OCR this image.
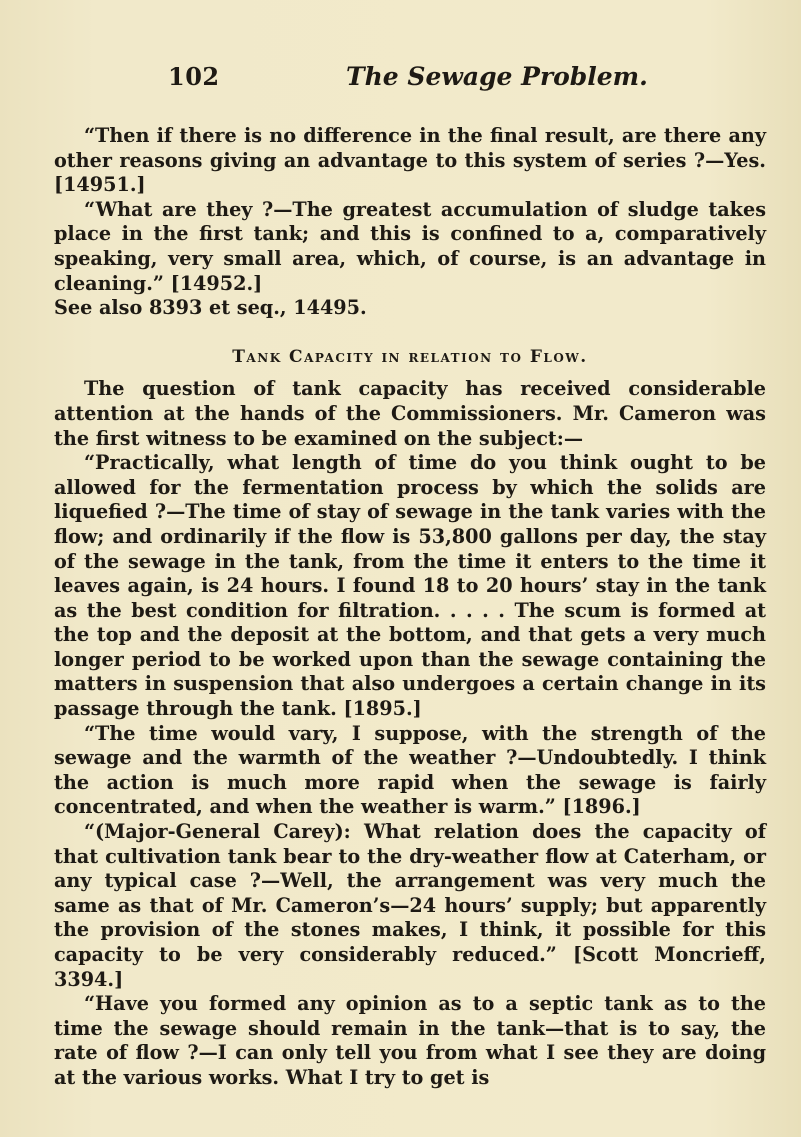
102	The Sewage Problem.

“Then if there is no difference in the final result, are there any other reasons giving an advantage to this system of series ?—Yes. [14951.]

“What are they ?—The greatest accumulation of sludge takes place in the first tank; and this is confined to a, comparatively speaking, very small area, which, of course, is an advantage in cleaning.” [14952.]

See also 8393 et seq., 14495.

Tank Capacity in relation to Flow.

The question of tank capacity has received considerable attention at the hands of the Commissioners. Mr. Cameron was the first witness to be examined on the subject:—

“Practically, what length of time do you think ought to be allowed for the fermentation process by which the solids are liquefied ?—The time of stay of sewage in the tank varies with the flow; and ordinarily if the flow is 53,800 gallons per day, the stay of the sewage in the tank, from the time it enters to the time it leaves again, is 24 hours. I found 18 to 20 hours’ stay in the tank as the best condition for filtration. . . . . The scum is formed at the top and the deposit at the bottom, and that gets a very much longer period to be worked upon than the sewage containing the matters in suspension that also undergoes a certain change in its passage through the tank. [1895.]

“The time would vary, I suppose, with the strength of the sewage and the warmth of the weather ?—Undoubtedly. I think the action is much more rapid when the sewage is fairly concentrated, and when the weather is warm.” [1896.]

“(Major-General Carey): What relation does the capacity of that cultivation tank bear to the dry-weather flow at Caterham, or any typical case ?—Well, the arrangement was very much the same as that of Mr. Cameron’s—24 hours’ supply; but apparently the provision of the stones makes, I think, it possible for this capacity to be very considerably reduced.” [Scott Moncrieff, 3394.]

“Have you formed any opinion as to a septic tank as to the time the sewage should remain in the tank—that is to say, the rate of flow ?—I can only tell you from what I see they are doing at the various works. What I try to get is
